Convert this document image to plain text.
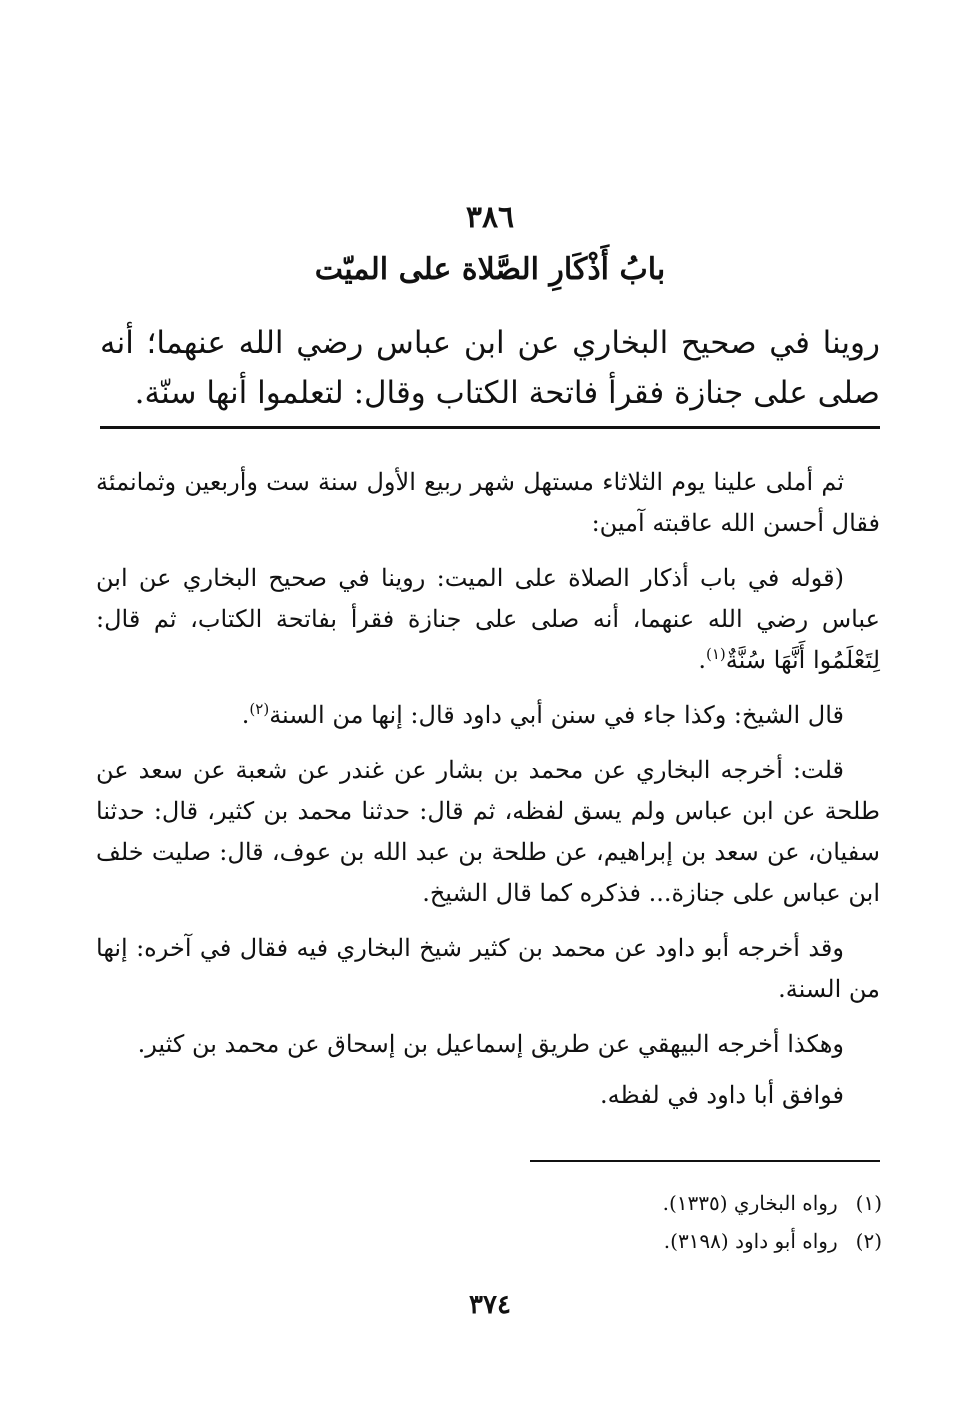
٣٨٦
بابُ أَذْكَارِ الصَّلاة على الميّت

روينا في صحيح البخاري عن ابن عباس رضي الله عنهما؛ أنه صلى على جنازة فقرأ فاتحة الكتاب وقال: لتعلموا أنها سنّة.

ثم أملى علينا يوم الثلاثاء مستهل شهر ربيع الأول سنة ست وأربعين وثمانمئة فقال أحسن الله عاقبته آمين:

(قوله في باب أذكار الصلاة على الميت: روينا في صحيح البخاري عن ابن عباس رضي الله عنهما، أنه صلى على جنازة فقرأ بفاتحة الكتاب، ثم قال: لِتَعْلَمُوا أَنَّهَا سُنَّةٌ$^{(١)}$.

قال الشيخ: وكذا جاء في سنن أبي داود قال: إنها من السنة$^{(٢)}$.

قلت: أخرجه البخاري عن محمد بن بشار عن غندر عن شعبة عن سعد عن طلحة عن ابن عباس ولم يسق لفظه، ثم قال: حدثنا محمد بن كثير، قال: حدثنا سفيان، عن سعد بن إبراهيم، عن طلحة بن عبد الله بن عوف، قال: صليت خلف ابن عباس على جنازة... فذكره كما قال الشيخ.

وقد أخرجه أبو داود عن محمد بن كثير شيخ البخاري فيه فقال في آخره: إنها من السنة.

وهكذا أخرجه البيهقي عن طريق إسماعيل بن إسحاق عن محمد بن كثير.

فوافق أبا داود في لفظه.

(١)رواه البخاري (١٣٣٥).
(٢)رواه أبو داود (٣١٩٨).
٣٧٤
